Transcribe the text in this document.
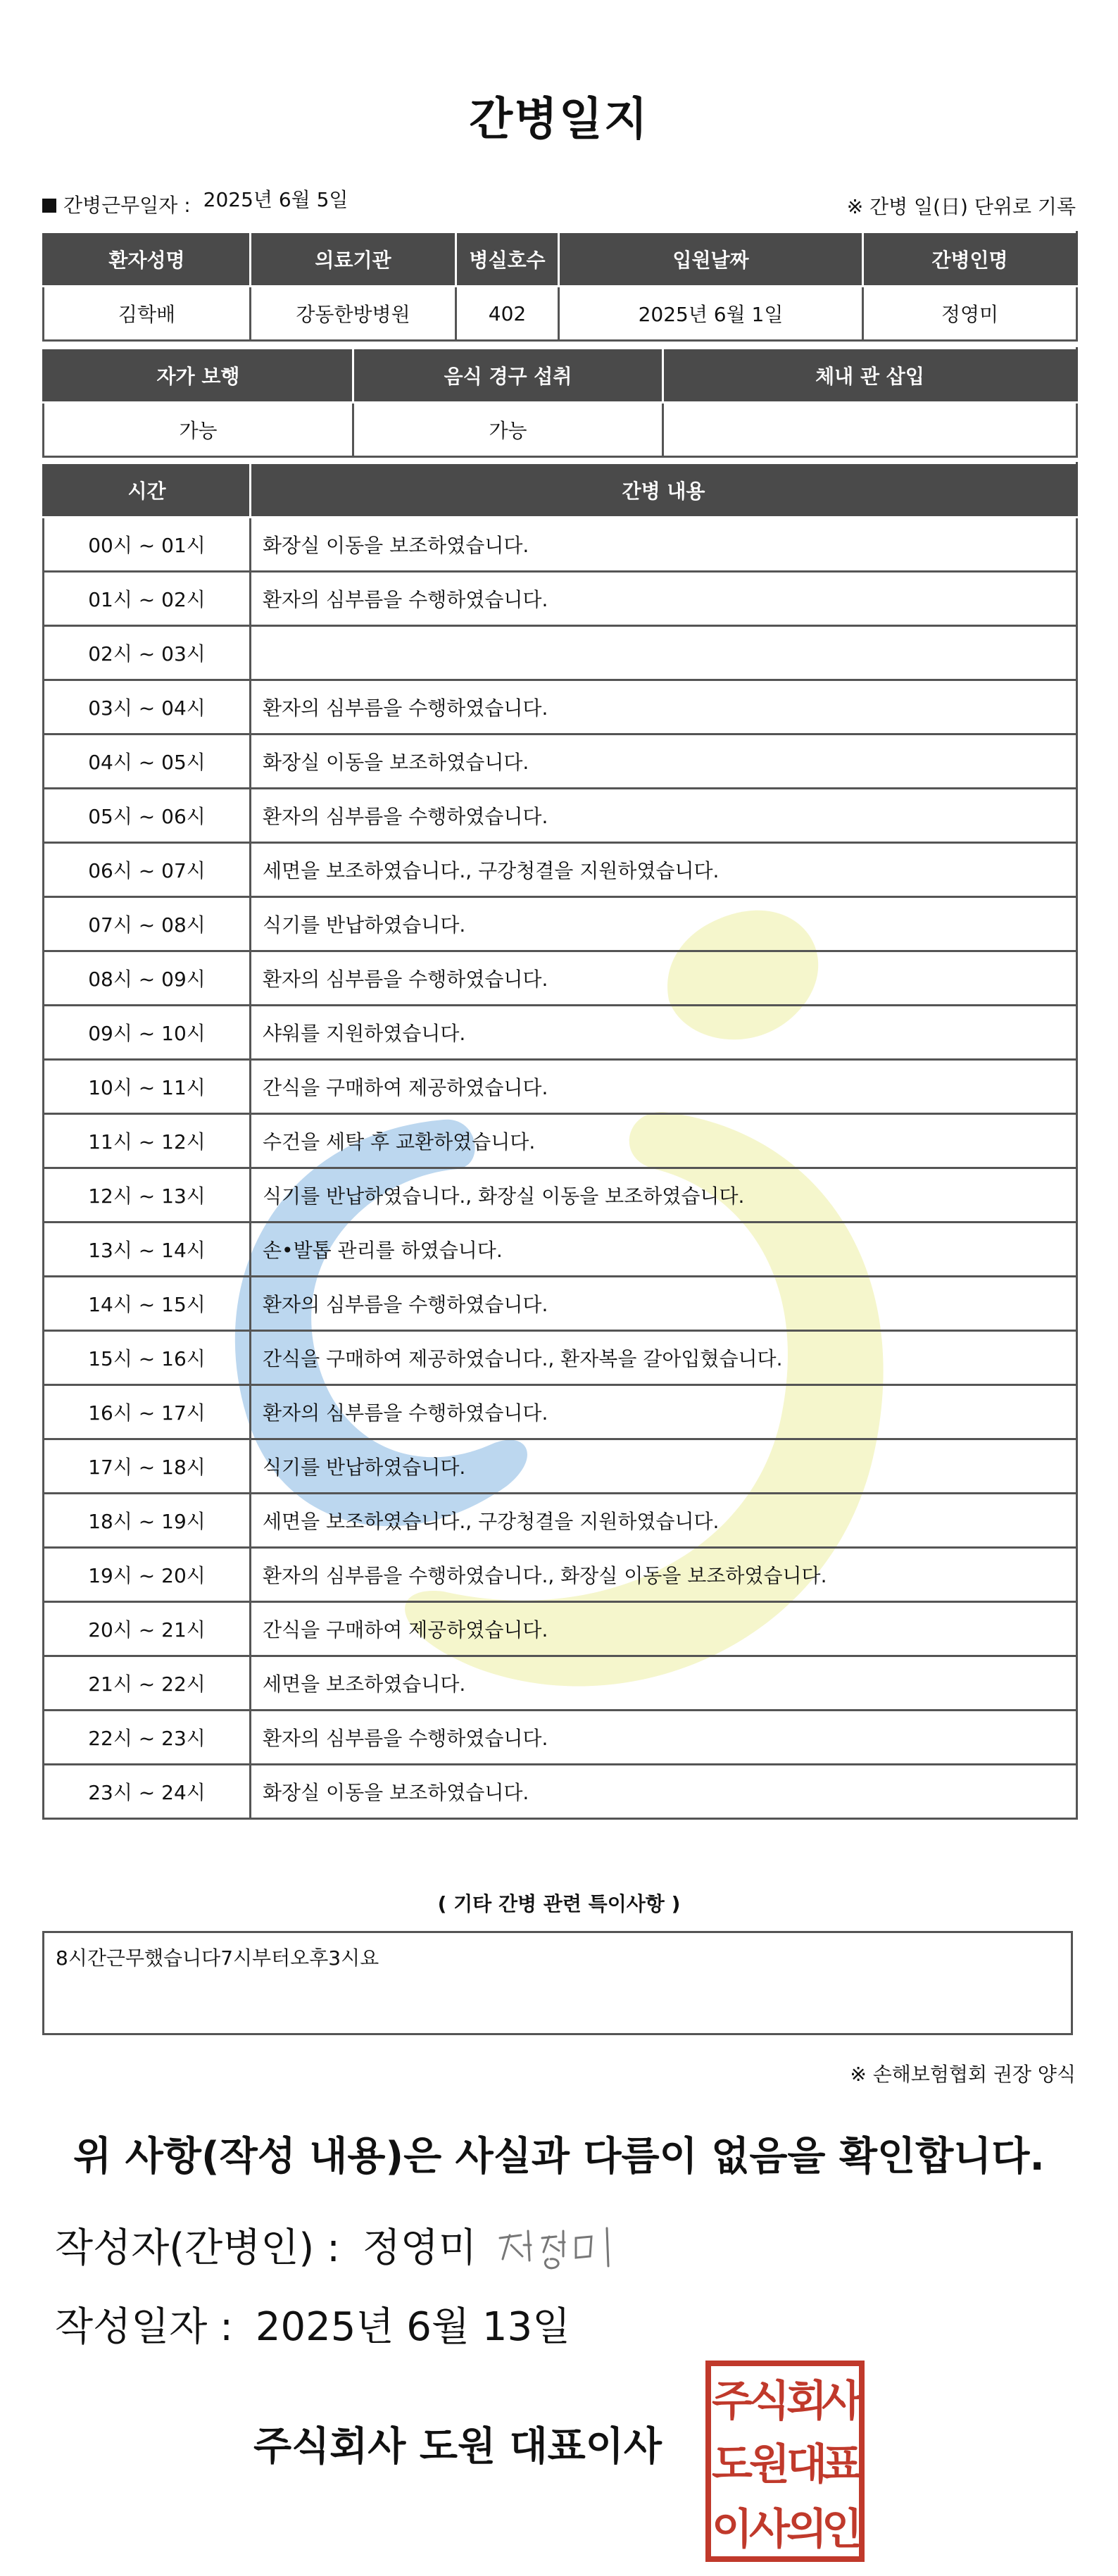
간병일지
간병근무일자 : 2025년 6월 5일	※ 간병 일(日) 단위로 기록
환자성명	의료기관	병실호수	입원날짜	간병인명
김학배	강동한방병원	402	2025년 6월 1일	정영미
자가 보행	음식 경구 섭취	체내 관 삽입
가능	가능	
시간	간병 내용
00시 ~ 01시	화장실 이동을 보조하였습니다.
01시 ~ 02시	환자의 심부름을 수행하였습니다.
02시 ~ 03시	
03시 ~ 04시	환자의 심부름을 수행하였습니다.
04시 ~ 05시	화장실 이동을 보조하였습니다.
05시 ~ 06시	환자의 심부름을 수행하였습니다.
06시 ~ 07시	세면을 보조하였습니다., 구강청결을 지원하였습니다.
07시 ~ 08시	식기를 반납하였습니다.
08시 ~ 09시	환자의 심부름을 수행하였습니다.
09시 ~ 10시	샤워를 지원하였습니다.
10시 ~ 11시	간식을 구매하여 제공하였습니다.
11시 ~ 12시	수건을 세탁 후 교환하였습니다.
12시 ~ 13시	식기를 반납하였습니다., 화장실 이동을 보조하였습니다.
13시 ~ 14시	손•발톱 관리를 하였습니다.
14시 ~ 15시	환자의 심부름을 수행하였습니다.
15시 ~ 16시	간식을 구매하여 제공하였습니다., 환자복을 갈아입혔습니다.
16시 ~ 17시	환자의 심부름을 수행하였습니다.
17시 ~ 18시	식기를 반납하였습니다.
18시 ~ 19시	세면을 보조하였습니다., 구강청결을 지원하였습니다.
19시 ~ 20시	환자의 심부름을 수행하였습니다., 화장실 이동을 보조하였습니다.
20시 ~ 21시	간식을 구매하여 제공하였습니다.
21시 ~ 22시	세면을 보조하였습니다.
22시 ~ 23시	환자의 심부름을 수행하였습니다.
23시 ~ 24시	화장실 이동을 보조하였습니다.
( 기타 간병 관련 특이사항 )
8시간근무했습니다7시부터오후3시요
※ 손해보험협회 권장 양식
위 사항(작성 내용)은 사실과 다름이 없음을 확인합니다.
작성자(간병인) : 정영미
작성일자 : 2025년 6월 13일
주식회사 도원 대표이사
주
식
회
사
도
원
대
표
이
사
의
인
